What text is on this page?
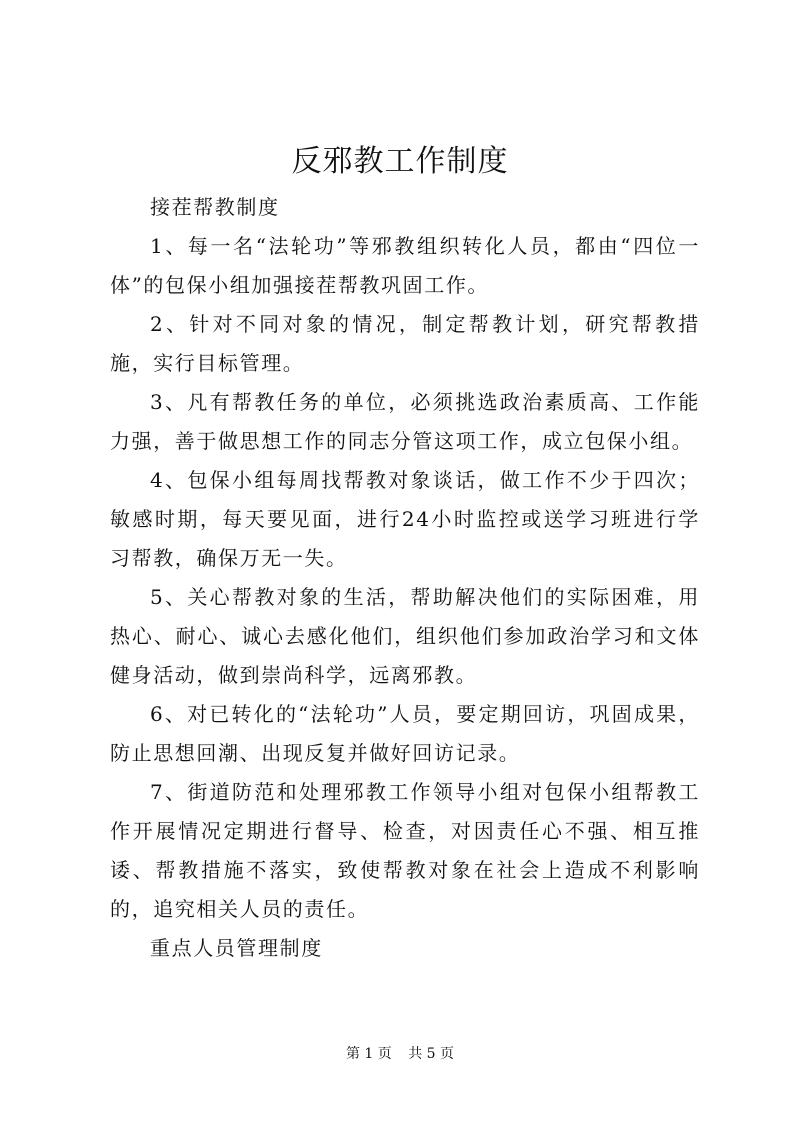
反邪教工作制度

接茬帮教制度

1、每一名“法轮功”等邪教组织转化人员，都由“四位一体”的包保小组加强接茬帮教巩固工作。

2、针对不同对象的情况，制定帮教计划，研究帮教措施，实行目标管理。

3、凡有帮教任务的单位，必须挑选政治素质高、工作能力强，善于做思想工作的同志分管这项工作，成立包保小组。

4、包保小组每周找帮教对象谈话，做工作不少于四次；敏感时期，每天要见面，进行24小时监控或送学习班进行学习帮教，确保万无一失。

5、关心帮教对象的生活，帮助解决他们的实际困难，用热心、耐心、诚心去感化他们，组织他们参加政治学习和文体健身活动，做到崇尚科学，远离邪教。

6、对已转化的“法轮功”人员，要定期回访，巩固成果，防止思想回潮、出现反复并做好回访记录。

7、街道防范和处理邪教工作领导小组对包保小组帮教工作开展情况定期进行督导、检查，对因责任心不强、相互推诿、帮教措施不落实，致使帮教对象在社会上造成不利影响的，追究相关人员的责任。

重点人员管理制度

第 1 页 共 5 页
